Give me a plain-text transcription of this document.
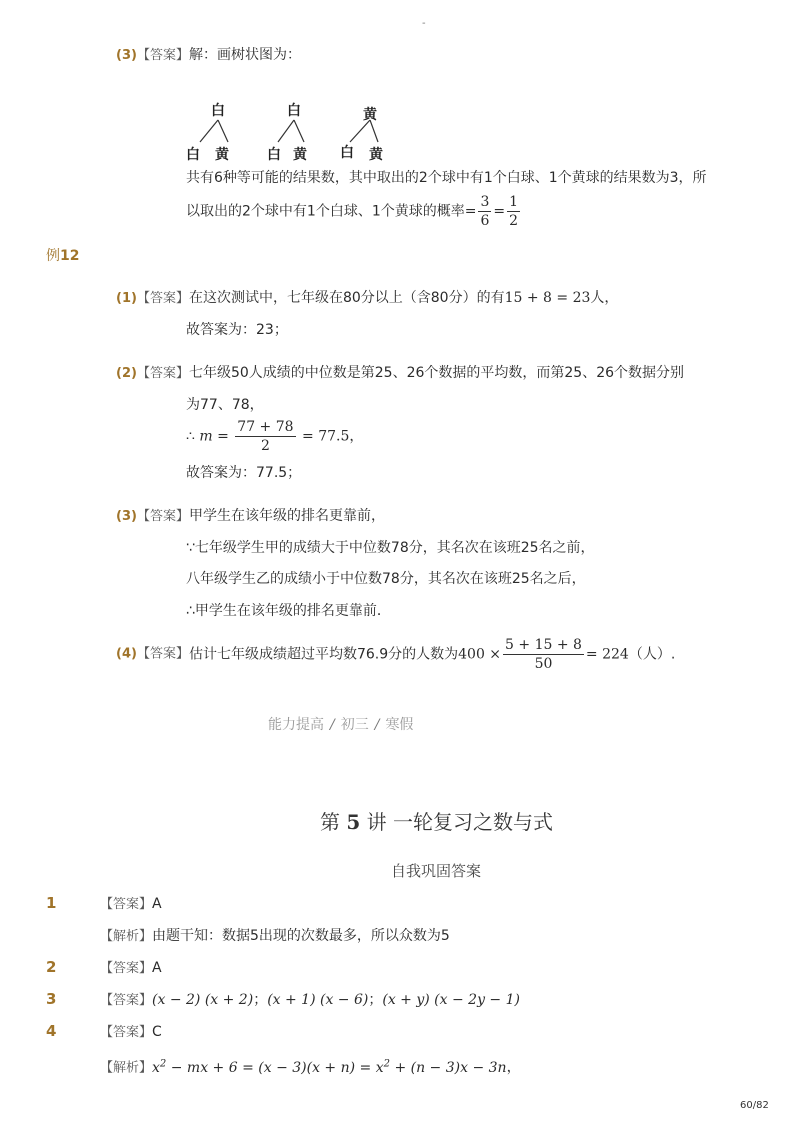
-
(3)【答案】解：画树状图为：
白
白 黄
白
白 黄
黄
白 黄
共有6种等可能的结果数，其中取出的2个球中有1个白球、1个黄球的结果数为3，所
以取出的2个球中有1个白球、1个黄球的概率= $\frac{3}{6} = \frac{1}{2}$
例12
(1)【答案】在这次测试中，七年级在80分以上（含80分）的有15 + 8 = 23人，
故答案为：23；
(2)【答案】七年级50人成绩的中位数是第25、26个数据的平均数，而第25、26个数据分别
为77、78，
∴ $m = \frac{77 + 78}{2} = 77.5$，
故答案为：77.5；
(3)【答案】甲学生在该年级的排名更靠前，
∵七年级学生甲的成绩大于中位数78分，其名次在该班25名之前，
八年级学生乙的成绩小于中位数78分，其名次在该班25名之后，
∴甲学生在该年级的排名更靠前．
(4)【答案】估计七年级成绩超过平均数76.9分的人数为$400 \times \frac{5 + 15 + 8}{50} = 224$（人）.
能力提高 / 初三 / 寒假
第 5 讲 一轮复习之数与式
自我巩固答案
1	【答案】A
【解析】由题干知：数据5出现的次数最多，所以众数为5
2	【答案】A
3	【答案】(x − 2) (x + 2)；(x + 1) (x − 6)；(x + y) (x − 2y − 1)
4	【答案】C
【解析】$x^2$ − mx + $6 = (x - 3)(x + n) = x^2 + (n - 3)x - 3n$，
60/82
